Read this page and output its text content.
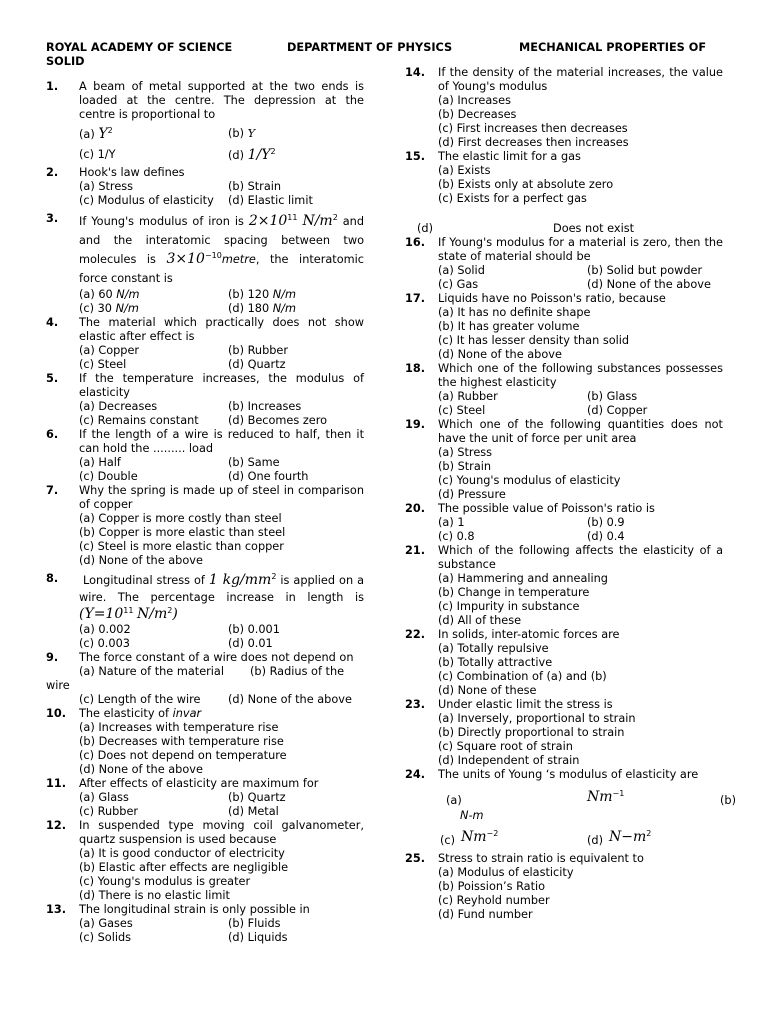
ROYAL ACADEMY OF SCIENCE	DEPARTMENT OF PHYSICS	MECHANICAL PROPERTIES OF
SOLID
1. A beam of metal supported at the two ends is loaded at the centre. The depression at the centre is proportional to
(a) $Y^2$	(b) Y
(c) 1/Y	(d) $1/Y^2$
2. Hook's law defines
(a) Stress	(b) Strain
(c) Modulus of elasticity	(d) Elastic limit
3. If Young's modulus of iron is $2\times 10^{11}$ $N/m^2$ and and the interatomic spacing between two molecules is $3\times 10^{-10}metre$, the interatomic force constant is
(a) 60 N/m	(b) 120 N/m
(c) 30 N/m	(d) 180 N/m
4. The material which practically does not show elastic after effect is
(a) Copper	(b) Rubber
(c) Steel	(d) Quartz
5. If the temperature increases, the modulus of elasticity
(a) Decreases	(b) Increases
(c) Remains constant	(d) Becomes zero
6. If the length of a wire is reduced to half, then it can hold the ......... load
(a) Half	(b) Same
(c) Double	(d) One fourth
7. Why the spring is made up of steel in comparison of copper
(a) Copper is more costly than steel
(b) Copper is more elastic than steel
(c) Steel is more elastic than copper
(d) None of the above
8.	Longitudinal stress of 1 $kg/mm^2$ is applied on a wire. The percentage increase in length is ($Y=10^{11}$ $N/m^2$)
(a) 0.002	(b) 0.001
(c) 0.003	(d) 0.01
9. The force constant of a wire does not depend on
(a) Nature of the material	(b) Radius of the
wire
(c) Length of the wire	(d) None of the above
10. The elasticity of invar
(a) Increases with temperature rise
(b) Decreases with temperature rise
(c) Does not depend on temperature
(d) None of the above
11. After effects of elasticity are maximum for
(a) Glass	(b) Quartz
(c) Rubber	(d) Metal
12. In suspended type moving coil galvanometer, quartz suspension is used because
(a) It is good conductor of electricity
(b) Elastic after effects are negligible
(c) Young's modulus is greater
(d) There is no elastic limit
13. The longitudinal strain is only possible in
(a) Gases	(b) Fluids
(c) Solids	(d) Liquids
14. If the density of the material increases, the value of Young's modulus
(a) Increases
(b) Decreases
(c) First increases then decreases
(d) First decreases then increases
15. The elastic limit for a gas
(a) Exists
(b) Exists only at absolute zero
(c) Exists for a perfect gas
(d)	Does not exist
16. If Young's modulus for a material is zero, then the state of material should be
(a) Solid	(b) Solid but powder
(c) Gas	(d) None of the above
17. Liquids have no Poisson's ratio, because
(a) It has no definite shape
(b) It has greater volume
(c) It has lesser density than solid
(d) None of the above
18. Which one of the following substances possesses the highest elasticity
(a) Rubber	(b) Glass
(c) Steel	(d) Copper
19. Which one of the following quantities does not have the unit of force per unit area
(a) Stress
(b) Strain
(c) Young's modulus of elasticity
(d) Pressure
20. The possible value of Poisson's ratio is
(a) 1	(b) 0.9
(c) 0.8	(d) 0.4
21. Which of the following affects the elasticity of a substance
(a) Hammering and annealing
(b) Change in temperature
(c) Impurity in substance
(d) All of these
22. In solids, inter-atomic forces are
(a) Totally repulsive
(b) Totally attractive
(c) Combination of (a) and (b)
(d) None of these
23. Under elastic limit the stress is
(a) Inversely, proportional to strain
(b) Directly proportional to strain
(c) Square root of strain
(d) Independent of strain
24. The units of Young ‘s modulus of elasticity are
(a)	$Nm^{-1}$
(b)
N-m
(c) $Nm^{-2}$
(d) $N-m^2$
25. Stress to strain ratio is equivalent to
(a) Modulus of elasticity
(b) Poission’s Ratio
(c) Reyhold number
(d) Fund number
